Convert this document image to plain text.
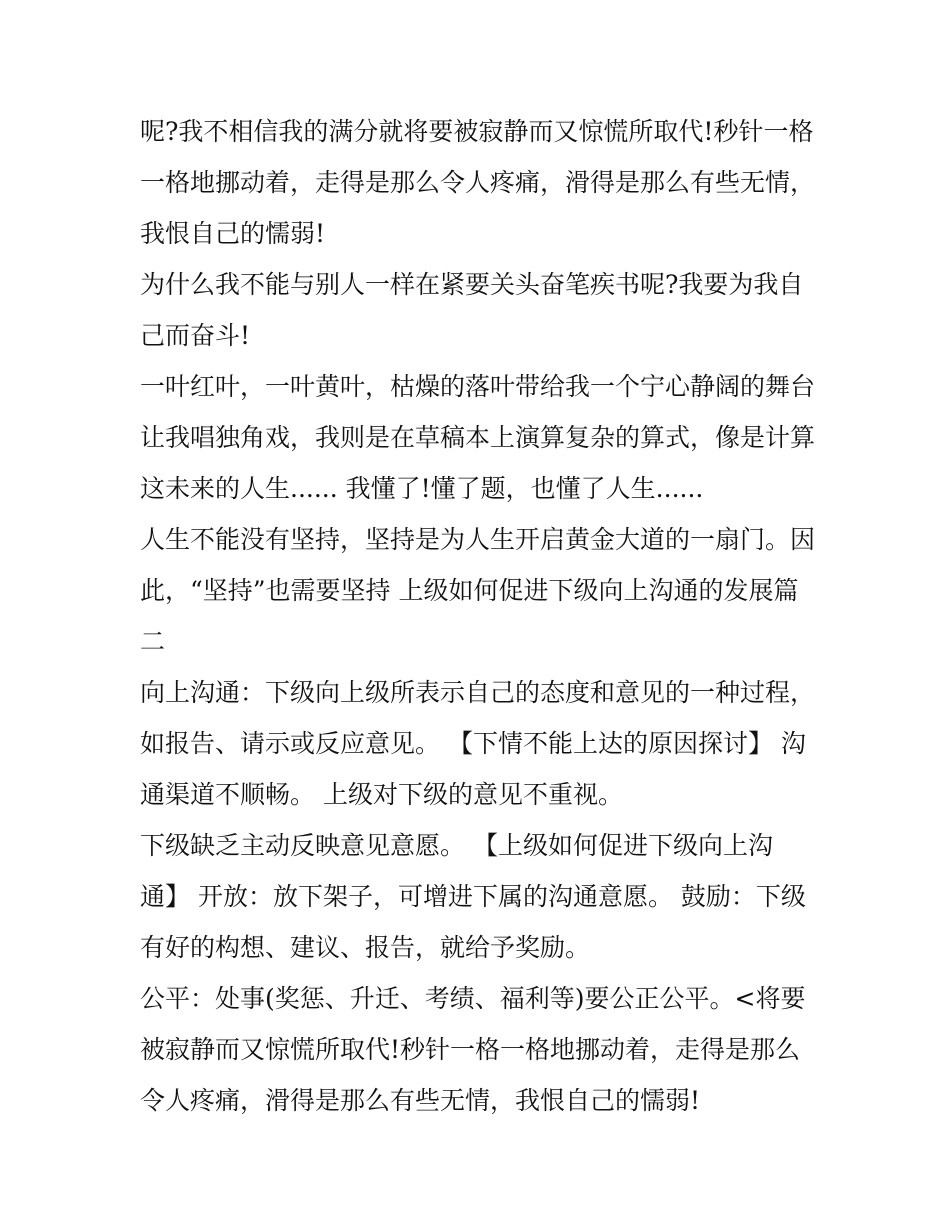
呢?我不相信我的满分就将要被寂静而又惊慌所取代!秒针一格
一格地挪动着，走得是那么令人疼痛，滑得是那么有些无情，
我恨自己的懦弱!
为什么我不能与别人一样在紧要关头奋笔疾书呢?我要为我自
己而奋斗!
一叶红叶，一叶黄叶，枯燥的落叶带给我一个宁心静阔的舞台
让我唱独角戏，我则是在草稿本上演算复杂的算式，像是计算
这未来的人生...... 我懂了!懂了题，也懂了人生......
人生不能没有坚持，坚持是为人生开启黄金大道的一扇门。因
此，“坚持”也需要坚持 上级如何促进下级向上沟通的发展篇
二
向上沟通：下级向上级所表示自己的态度和意见的一种过程，
如报告、请示或反应意见。 【下情不能上达的原因探讨】 沟
通渠道不顺畅。 上级对下级的意见不重视。
下级缺乏主动反映意见意愿。 【上级如何促进下级向上沟
通】 开放：放下架子，可增进下属的沟通意愿。 鼓励：下级
有好的构想、建议、报告，就给予奖励。
公平：处事(奖惩、升迁、考绩、福利等)要公正公平。<将要
被寂静而又惊慌所取代!秒针一格一格地挪动着，走得是那么
令人疼痛，滑得是那么有些无情，我恨自己的懦弱!
